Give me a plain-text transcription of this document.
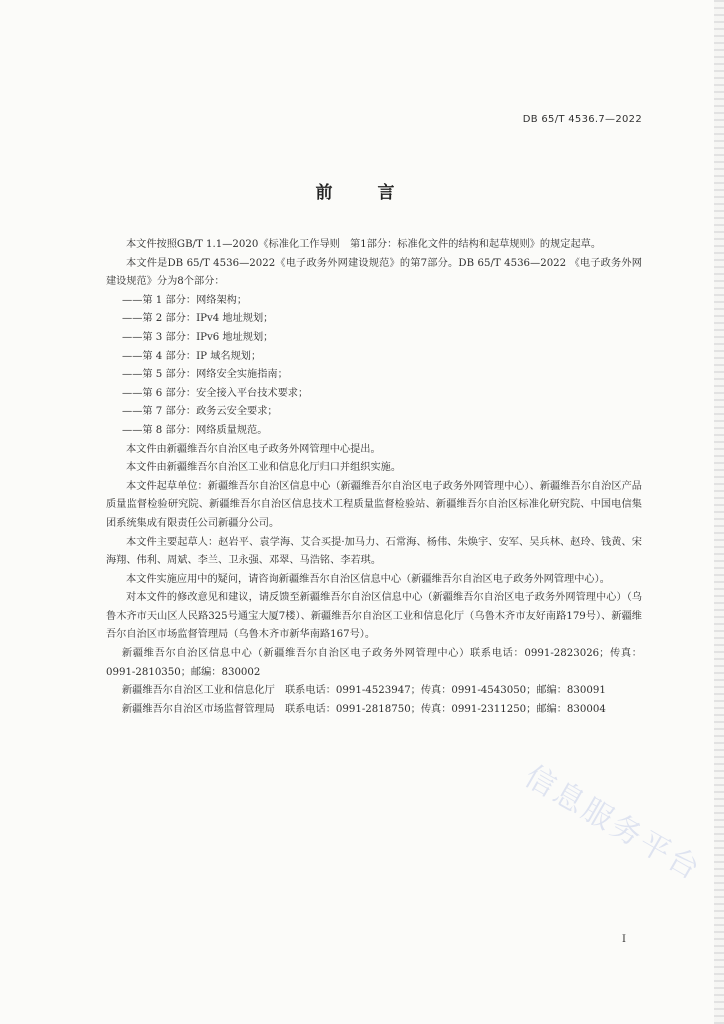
DB 65/T 4536.7—2022
前　言

本文件按照GB/T 1.1—2020《标准化工作导则　第1部分：标准化文件的结构和起草规则》的规定起草。

本文件是DB 65/T 4536—2022《电子政务外网建设规范》的第7部分。DB 65/T 4536—2022 《电子政务外网建设规范》分为8个部分：

——第 1 部分：网络架构；

——第 2 部分：IPv4 地址规划；

——第 3 部分：IPv6 地址规划；

——第 4 部分：IP 域名规划；

——第 5 部分：网络安全实施指南；

——第 6 部分：安全接入平台技术要求；

——第 7 部分：政务云安全要求；

——第 8 部分：网络质量规范。

本文件由新疆维吾尔自治区电子政务外网管理中心提出。

本文件由新疆维吾尔自治区工业和信息化厅归口并组织实施。

本文件起草单位：新疆维吾尔自治区信息中心（新疆维吾尔自治区电子政务外网管理中心）、新疆维吾尔自治区产品质量监督检验研究院、新疆维吾尔自治区信息技术工程质量监督检验站、新疆维吾尔自治区标准化研究院、中国电信集团系统集成有限责任公司新疆分公司。

本文件主要起草人：赵岩平、袁学海、艾合买提·加马力、石常海、杨伟、朱焕宇、安军、吴兵林、赵玲、钱黄、宋海翔、伟利、周斌、李兰、卫永强、邓翠、马浩铭、李若琪。

本文件实施应用中的疑问，请咨询新疆维吾尔自治区信息中心（新疆维吾尔自治区电子政务外网管理中心）。

对本文件的修改意见和建议，请反馈至新疆维吾尔自治区信息中心（新疆维吾尔自治区电子政务外网管理中心）（乌鲁木齐市天山区人民路325号通宝大厦7楼）、新疆维吾尔自治区工业和信息化厅（乌鲁木齐市友好南路179号）、新疆维吾尔自治区市场监督管理局（乌鲁木齐市新华南路167号）。

新疆维吾尔自治区信息中心（新疆维吾尔自治区电子政务外网管理中心）联系电话：0991-2823026；传真：0991-2810350；邮编：830002

新疆维吾尔自治区工业和信息化厅　联系电话：0991-4523947；传真：0991-4543050；邮编：830091

新疆维吾尔自治区市场监督管理局　联系电话：0991-2818750；传真：0991-2311250；邮编：830004

信息服务平台
I
